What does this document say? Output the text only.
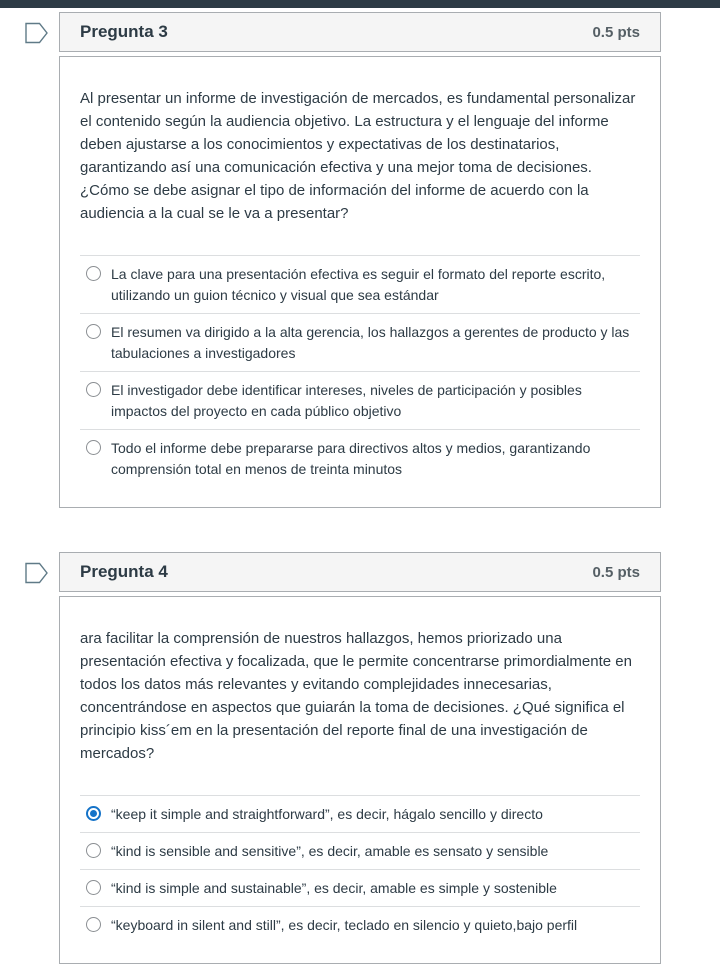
Pregunta 3	0.5 pts

Al presentar un informe de investigación de mercados, es fundamental personalizar el contenido según la audiencia objetivo. La estructura y el lenguaje del informe deben ajustarse a los conocimientos y expectativas de los destinatarios, garantizando así una comunicación efectiva y una mejor toma de decisiones. ¿Cómo se debe asignar el tipo de información del informe de acuerdo con la audiencia a la cual se le va a presentar?

La clave para una presentación efectiva es seguir el formato del reporte escrito, utilizando un guion técnico y visual que sea estándar
El resumen va dirigido a la alta gerencia, los hallazgos a gerentes de producto y las tabulaciones a investigadores
El investigador debe identificar intereses, niveles de participación y posibles impactos del proyecto en cada público objetivo
Todo el informe debe prepararse para directivos altos y medios, garantizando comprensión total en menos de treinta minutos
Pregunta 4	0.5 pts

ara facilitar la comprensión de nuestros hallazgos, hemos priorizado una presentación efectiva y focalizada, que le permite concentrarse primordialmente en todos los datos más relevantes y evitando complejidades innecesarias, concentrándose en aspectos que guiarán la toma de decisiones. ¿Qué significa el principio kiss´em en la presentación del reporte final de una investigación de mercados?

“keep it simple and straightforward”, es decir, hágalo sencillo y directo
“kind is sensible and sensitive”, es decir, amable es sensato y sensible
“kind is simple and sustainable”, es decir, amable es simple y sostenible
“keyboard in silent and still”, es decir, teclado en silencio y quieto,bajo perfil
